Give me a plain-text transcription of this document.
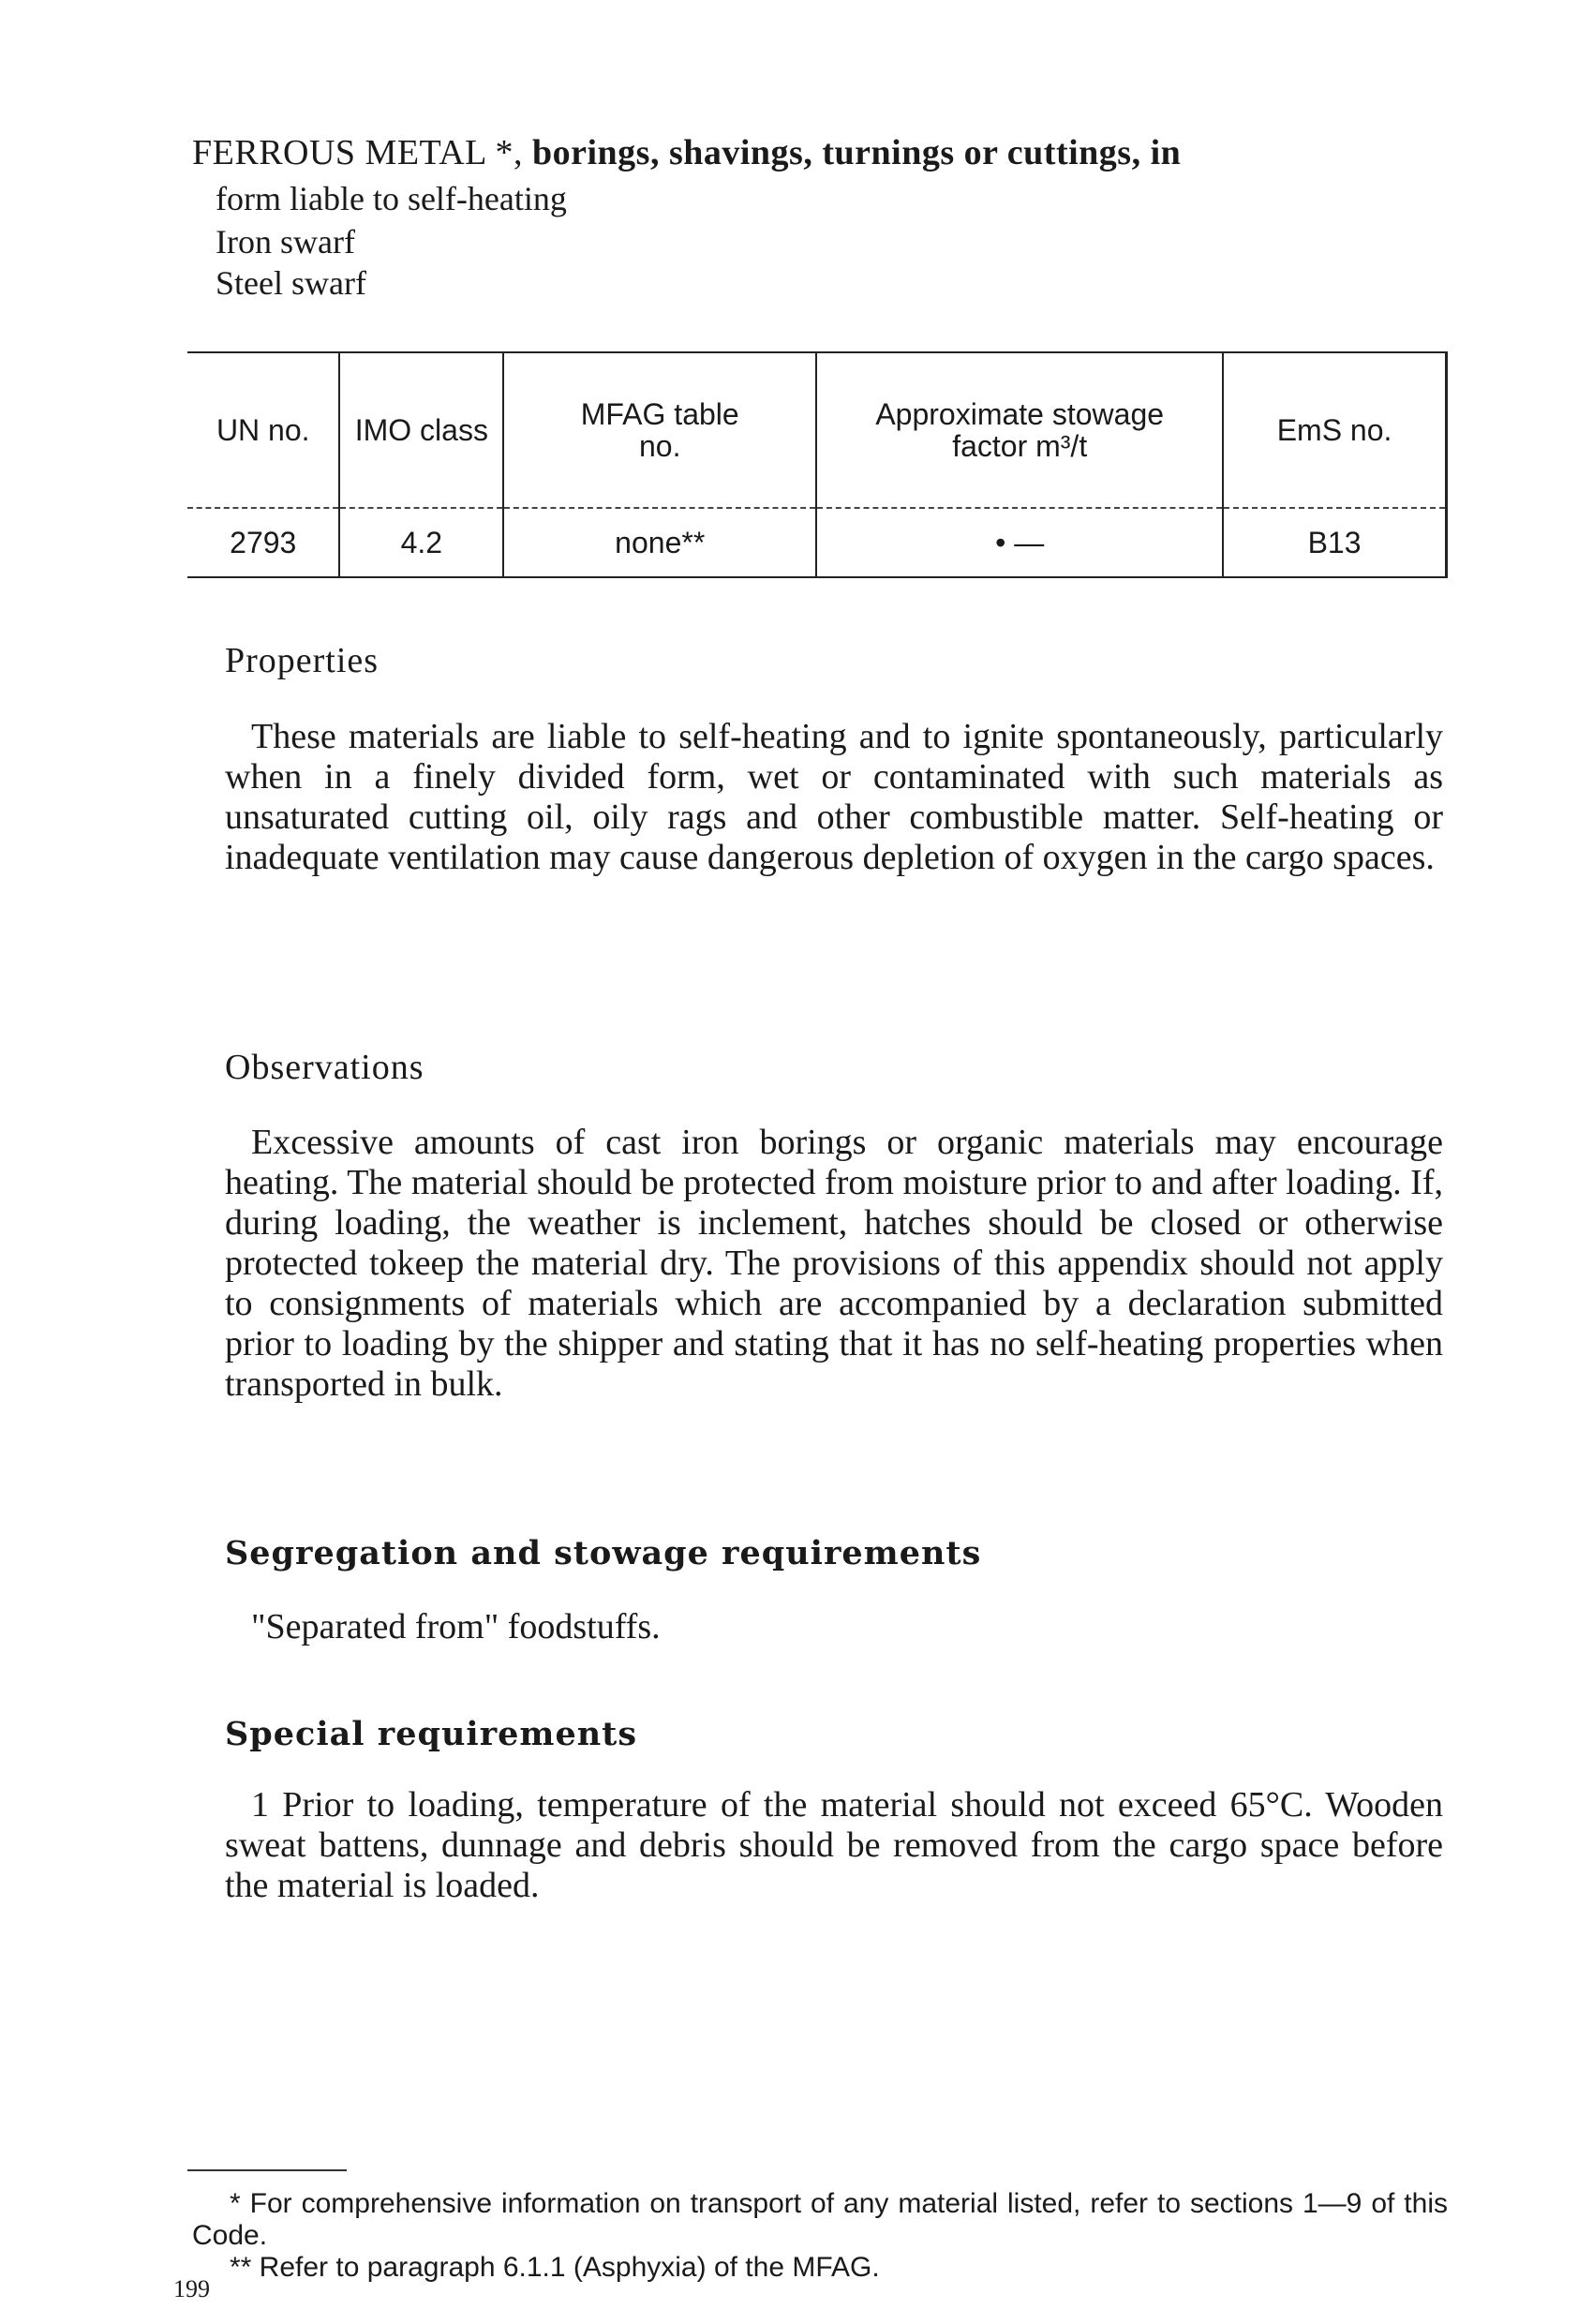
FERROUS METAL *, borings, shavings, turnings or cuttings, in
form liable to self-heating
Iron swarf
Steel swarf
UN no.	IMO class	MFAG table no.	Approximate stowage factor m³/t	EmS no.
2793	4.2	none**	• —	B13
Properties
These materials are liable to self-heating and to ignite spontaneously, particularly when in a finely divided form, wet or contaminated with such materials as unsaturated cutting oil, oily rags and other combustible matter. Self-heating or inadequate ventilation may cause dangerous depletion of oxygen in the cargo spaces.
Observations
Excessive amounts of cast iron borings or organic materials may encourage heating. The material should be protected from moisture prior to and after loading. If, during loading, the weather is inclement, hatches should be closed or otherwise protected tokeep the material dry. The provisions of this appendix should not apply to consignments of materials which are accompanied by a declaration submitted prior to loading by the shipper and stating that it has no self-heating properties when transported in bulk.
Segregation and stowage requirements
"Separated from" foodstuffs.
Special requirements
1 Prior to loading, temperature of the material should not exceed 65°C. Wooden sweat battens, dunnage and debris should be removed from the cargo space before the material is loaded.
* For comprehensive information on transport of any material listed, refer to sections 1—9 of this Code.
** Refer to paragraph 6.1.1 (Asphyxia) of the MFAG.
199
